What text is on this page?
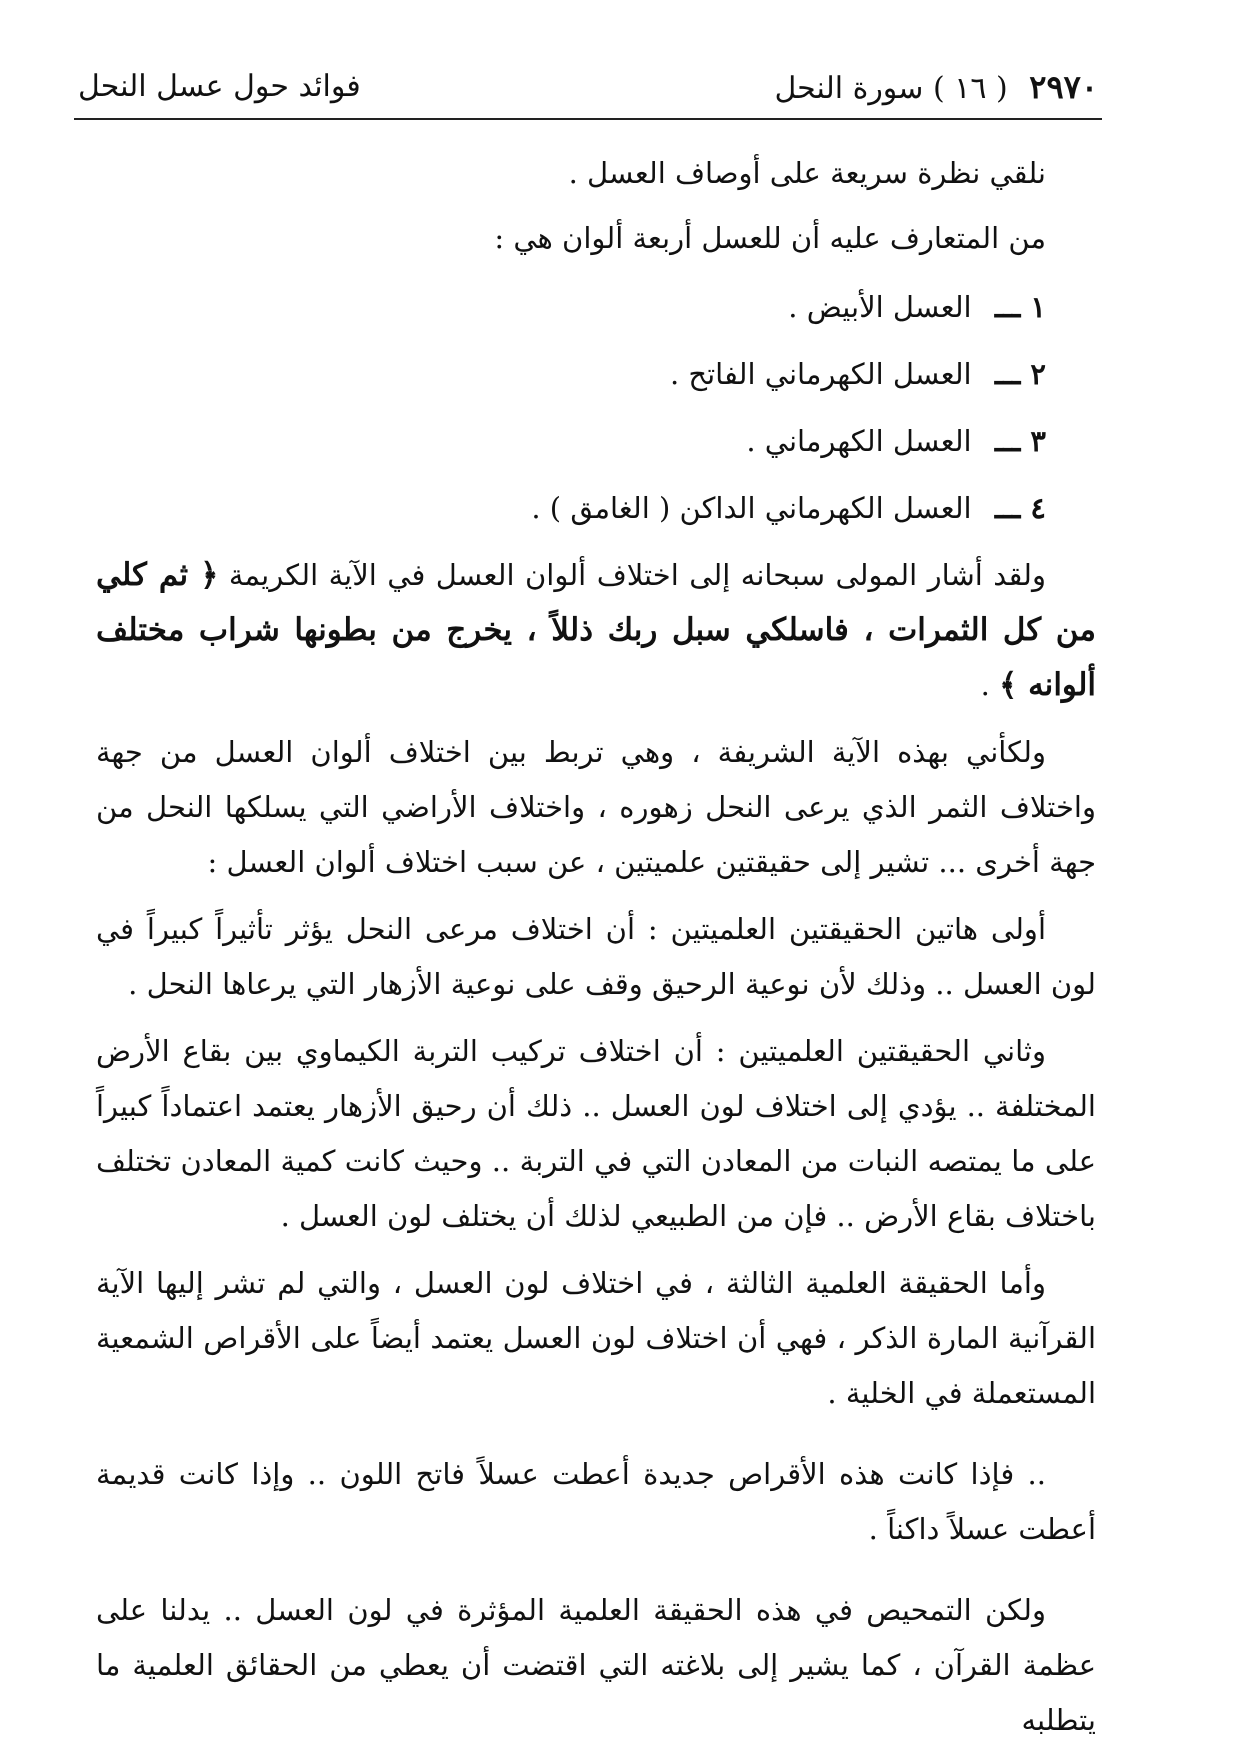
٢٩٧٠ ( ١٦ ) سورة النحل
فوائد حول عسل النحل

نلقي نظرة سريعة على أوصاف العسل .

من المتعارف عليه أن للعسل أربعة ألوان هي :

١ ـــ العسل الأبيض .
٢ ـــ العسل الكهرماني الفاتح .
٣ ـــ العسل الكهرماني .
٤ ـــ العسل الكهرماني الداكن ( الغامق ) .

ولقد أشار المولى سبحانه إلى اختلاف ألوان العسل في الآية الكريمة ﴿ ثم كلي من كل الثمرات ، فاسلكي سبل ربك ذللاً ، يخرج من بطونها شراب مختلف ألوانه ﴾ .

ولكأني بهذه الآية الشريفة ، وهي تربط بين اختلاف ألوان العسل من جهة واختلاف الثمر الذي يرعى النحل زهوره ، واختلاف الأراضي التي يسلكها النحل من جهة أخرى ... تشير إلى حقيقتين علميتين ، عن سبب اختلاف ألوان العسل :

أولى هاتين الحقيقتين العلميتين : أن اختلاف مرعى النحل يؤثر تأثيراً كبيراً في لون العسل .. وذلك لأن نوعية الرحيق وقف على نوعية الأزهار التي يرعاها النحل .

وثاني الحقيقتين العلميتين : أن اختلاف تركيب التربة الكيماوي بين بقاع الأرض المختلفة .. يؤدي إلى اختلاف لون العسل .. ذلك أن رحيق الأزهار يعتمد اعتماداً كبيراً على ما يمتصه النبات من المعادن التي في التربة .. وحيث كانت كمية المعادن تختلف باختلاف بقاع الأرض .. فإن من الطبيعي لذلك أن يختلف لون العسل .

وأما الحقيقة العلمية الثالثة ، في اختلاف لون العسل ، والتي لم تشر إليها الآية القرآنية المارة الذكر ، فهي أن اختلاف لون العسل يعتمد أيضاً على الأقراص الشمعية المستعملة في الخلية .

.. فإذا كانت هذه الأقراص جديدة أعطت عسلاً فاتح اللون .. وإذا كانت قديمة أعطت عسلاً داكناً .

ولكن التمحيص في هذه الحقيقة العلمية المؤثرة في لون العسل .. يدلنا على عظمة القرآن ، كما يشير إلى بلاغته التي اقتضت أن يعطي من الحقائق العلمية ما يتطلبه
